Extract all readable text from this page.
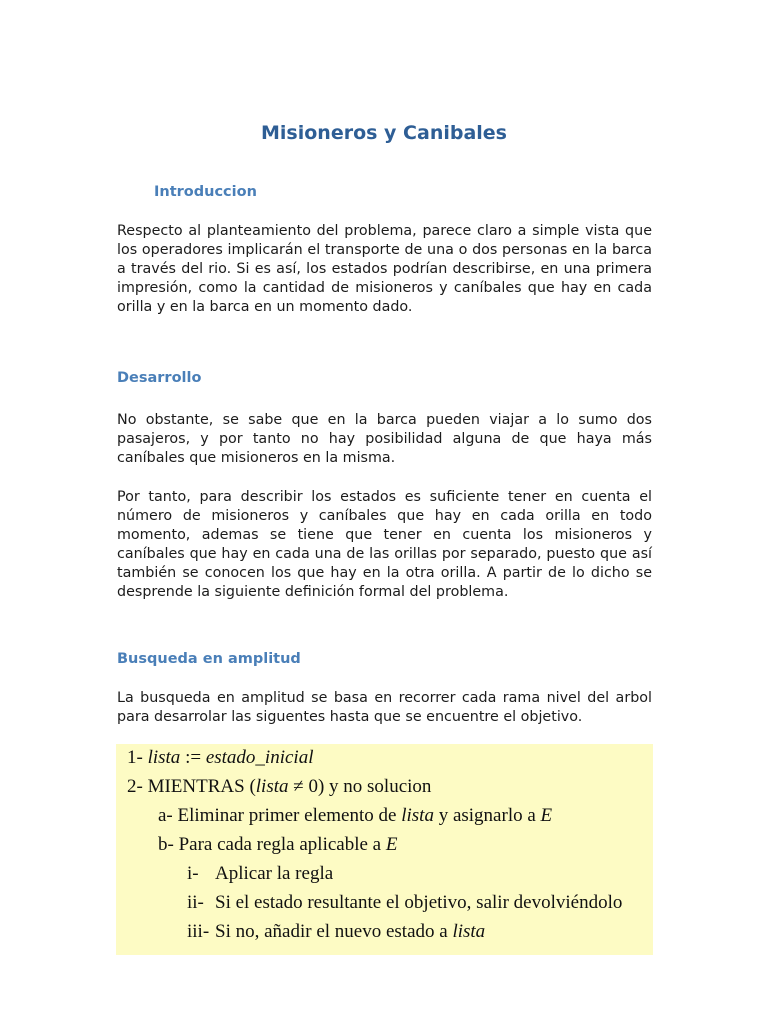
Misioneros y Canibales
Introduccion

Respecto al planteamiento del problema, parece claro a simple vista que los operadores implicarán el transporte de una o dos personas en la barca a través del rio. Si es así, los estados podrían describirse, en una primera impresión, como la cantidad de misioneros y caníbales que hay en cada orilla y en la barca en un momento dado.

Desarrollo

No obstante, se sabe que en la barca pueden viajar a lo sumo dos pasajeros, y por tanto no hay posibilidad alguna de que haya más caníbales que misioneros en la misma.

Por tanto, para describir los estados es suficiente tener en cuenta el número de misioneros y caníbales que hay en cada orilla en todo momento, ademas se tiene que tener en cuenta los misioneros y caníbales que hay en cada una de las orillas por separado, puesto que así también se conocen los que hay en la otra orilla. A partir de lo dicho se desprende la siguiente definición formal del problema.

Busqueda en amplitud

La busqueda en amplitud se basa en recorrer cada rama nivel del arbol para desarrolar las siguentes hasta que se encuentre el objetivo.

1- lista := estado_inicial
2- MIENTRAS (lista ≠ 0) y no solucion
a- Eliminar primer elemento de lista y asignarlo a E
b- Para cada regla aplicable a E
i- Aplicar la regla
ii- Si el estado resultante el objetivo, salir devolviéndolo
iii- Si no, añadir el nuevo estado a lista
